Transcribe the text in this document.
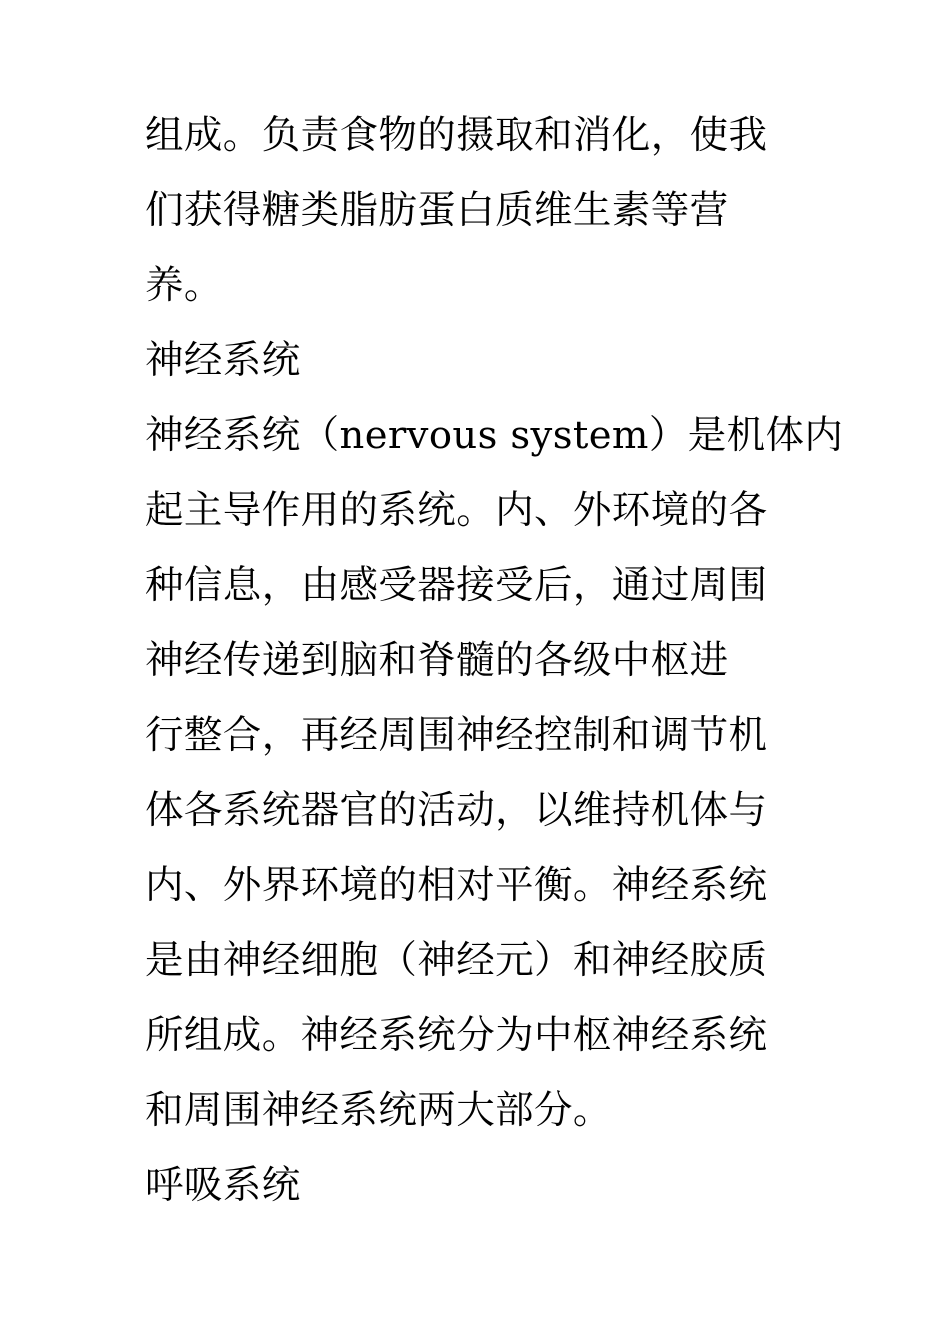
组成。负责食物的摄取和消化，使我
们获得糖类脂肪蛋白质维生素等营
养。
神经系统
神经系统（nervous system）是机体内
起主导作用的系统。内、外环境的各
种信息，由感受器接受后，通过周围
神经传递到脑和脊髓的各级中枢进
行整合，再经周围神经控制和调节机
体各系统器官的活动，以维持机体与
内、外界环境的相对平衡。神经系统
是由神经细胞（神经元）和神经胶质
所组成。神经系统分为中枢神经系统
和周围神经系统两大部分。
呼吸系统
